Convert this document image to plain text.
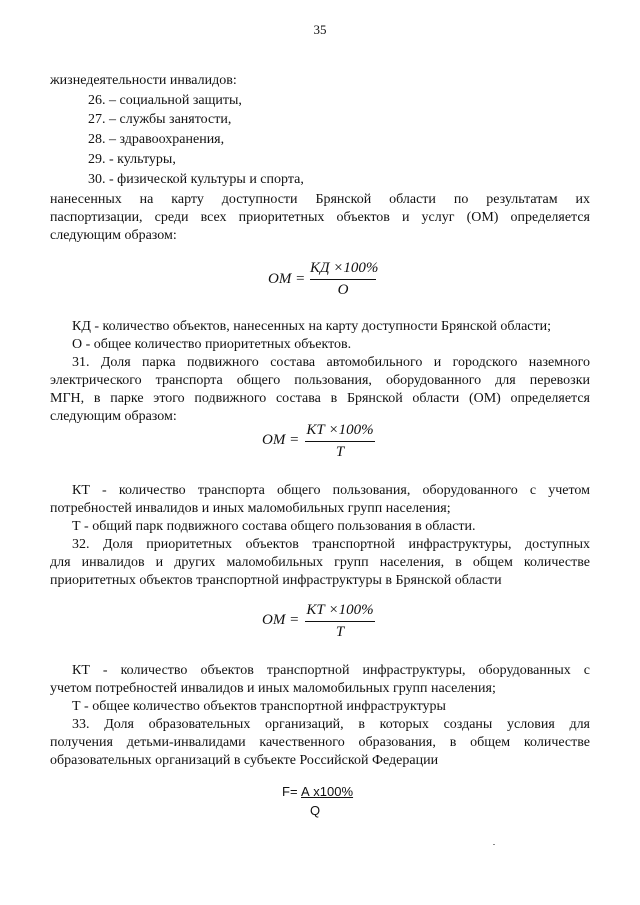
35
жизнедеятельности инвалидов:
26. – социальной защиты,
27. – службы занятости,
28. – здравоохранения,
29. - культуры,
30. - физической культуры и спорта,
нанесенных на карту доступности Брянской области по результатам их
паспортизации, среди всех приоритетных объектов и услуг (ОМ) определяется
следующим образом:
ОМ =
КД ×100%
О
КД - количество объектов, нанесенных на карту доступности Брянской области;
О - общее количество приоритетных объектов.
31. Доля парка подвижного состава автомобильного и городского наземного
электрического транспорта общего пользования, оборудованного для перевозки
МГН, в парке этого подвижного состава в Брянской области (ОМ) определяется
следующим образом:
ОМ =
КТ ×100%
Т
КТ - количество транспорта общего пользования, оборудованного с учетом
потребностей инвалидов и иных маломобильных групп населения;
Т - общий парк подвижного состава общего пользования в области.
32. Доля приоритетных объектов транспортной инфраструктуры, доступных
для инвалидов и других маломобильных групп населения, в общем количестве
приоритетных объектов транспортной инфраструктуры в Брянской области
ОМ =
КТ ×100%
Т
КТ - количество объектов транспортной инфраструктуры, оборудованных с
учетом потребностей инвалидов и иных маломобильных групп населения;
Т - общее количество объектов транспортной инфраструктуры
33. Доля образовательных организаций, в которых созданы условия для
получения детьми-инвалидами качественного образования, в общем количестве
образовательных организаций в субъекте Российской Федерации
F= А х100%
Q
